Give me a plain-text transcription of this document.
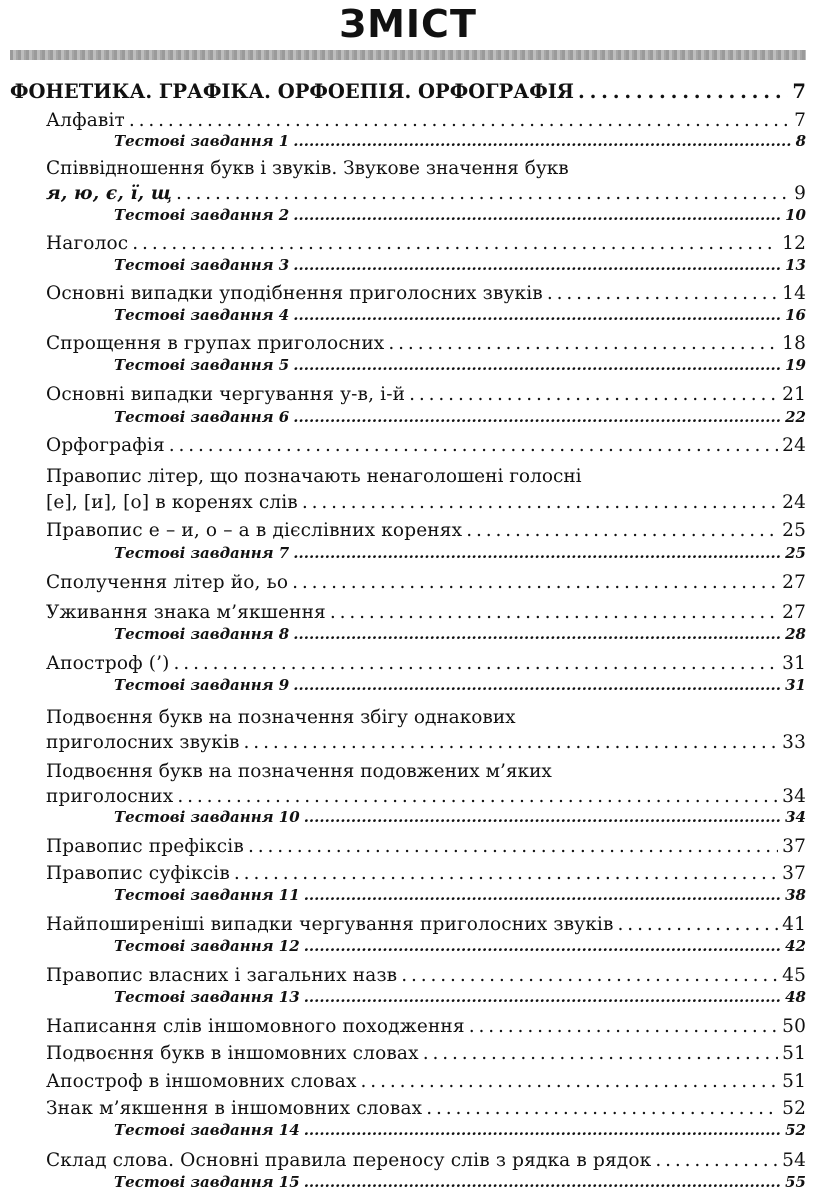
ЗМІСТ
ФОНЕТИКА. ГРАФІКА. ОРФОЕПІЯ. ОРФОГРАФІЯ . . .	7
Алфавіт . . .	7
Тестові завдання 1 . . .	8
Співвідношення букв і звуків. Звукове значення букв
я, ю, є, ї, щ . . .	9
Тестові завдання 2 . . .	10
Наголос . . .	12
Тестові завдання 3 . . .	13
Основні випадки уподібнення приголосних звуків . . .	14
Тестові завдання 4 . . .	16
Спрощення в групах приголосних . . .	18
Тестові завдання 5 . . .	19
Основні випадки чергування у-в, і-й . . .	21
Тестові завдання 6 . . .	22
Орфографія . . .	24
Правопис літер, що позначають ненаголошені голосні
[е], [и], [о] в коренях слів . . .	24
Правопис е – и, о – а в дієслівних коренях . . .	25
Тестові завдання 7 . . .	25
Сполучення літер йо, ьо . . .	27
Уживання знака м’якшення . . .	27
Тестові завдання 8 . . .	28
Апостроф (’) . . .	31
Тестові завдання 9 . . .	31
Подвоєння букв на позначення збігу однакових
приголосних звуків . . .	33
Подвоєння букв на позначення подовжених м’яких
приголосних . . .	34
Тестові завдання 10 . . .	34
Правопис префіксів . . .	37
Правопис суфіксів . . .	37
Тестові завдання 11 . . .	38
Найпоширеніші випадки чергування приголосних звуків . . .	41
Тестові завдання 12 . . .	42
Правопис власних і загальних назв . . .	45
Тестові завдання 13 . . .	48
Написання слів іншомовного походження . . .	50
Подвоєння букв в іншомовних словах . . .	51
Апостроф в іншомовних словах . . .	51
Знак м’якшення в іншомовних словах . . .	52
Тестові завдання 14 . . .	52
Склад слова. Основні правила переносу слів з рядка в рядок . . .	54
Тестові завдання 15 . . .	55
